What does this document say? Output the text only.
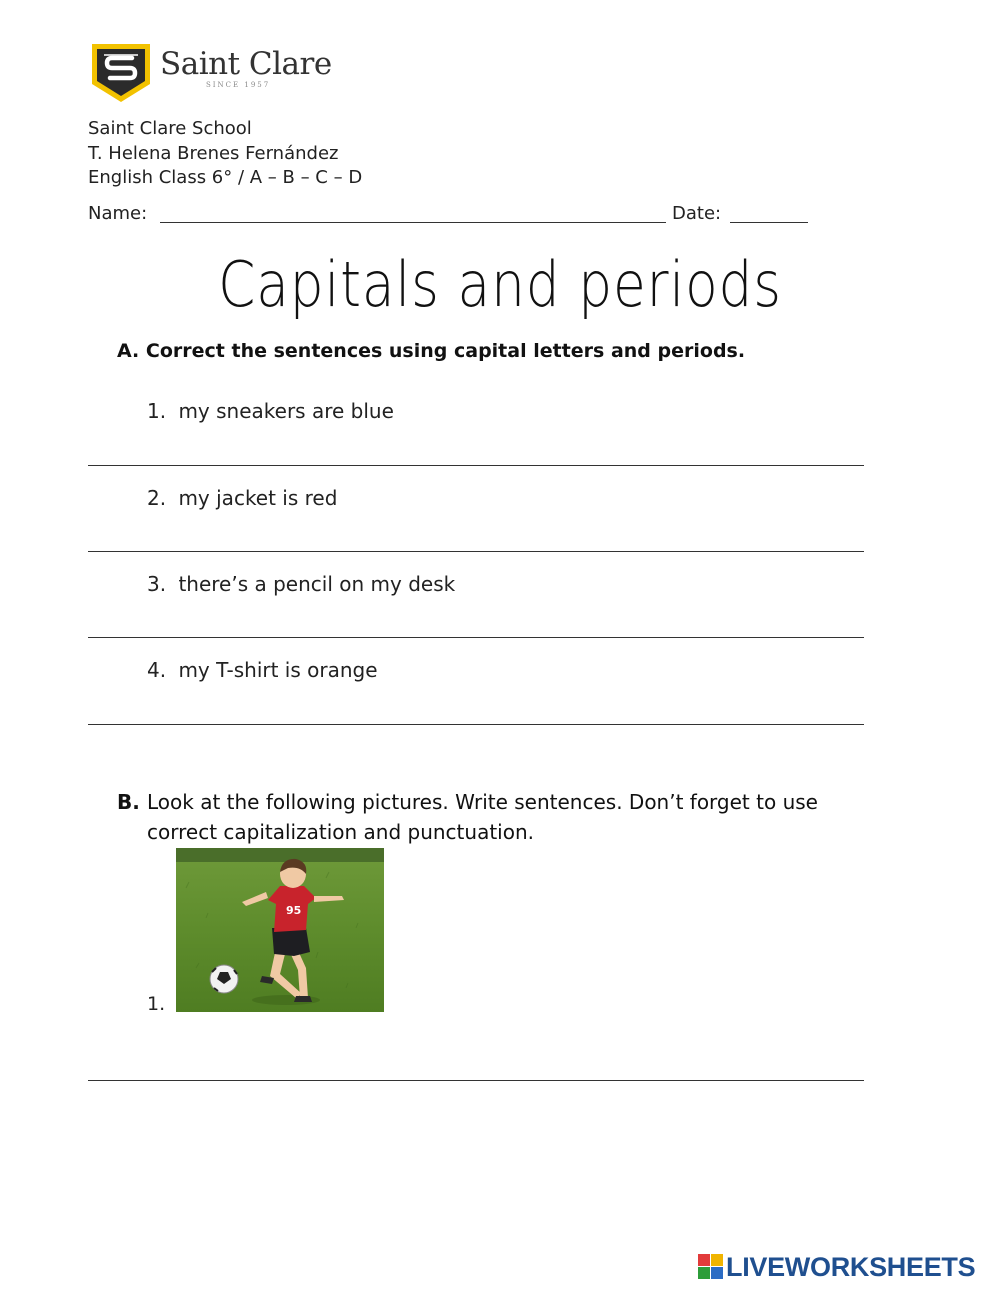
Saint Clare
SINCE 1957
Saint Clare School
T. Helena Brenes Fernández
English Class 6° / A – B – C – D
Name:	Date:
Capitals and periods
A. Correct the sentences using capital letters and periods.
1. my sneakers are blue
2. my jacket is red
3. there’s a pencil on my desk
4. my T-shirt is orange
B. Look at the following pictures. Write sentences. Don’t forget to use
correct capitalization and punctuation.
1.
95
LIVEWORKSHEETS
